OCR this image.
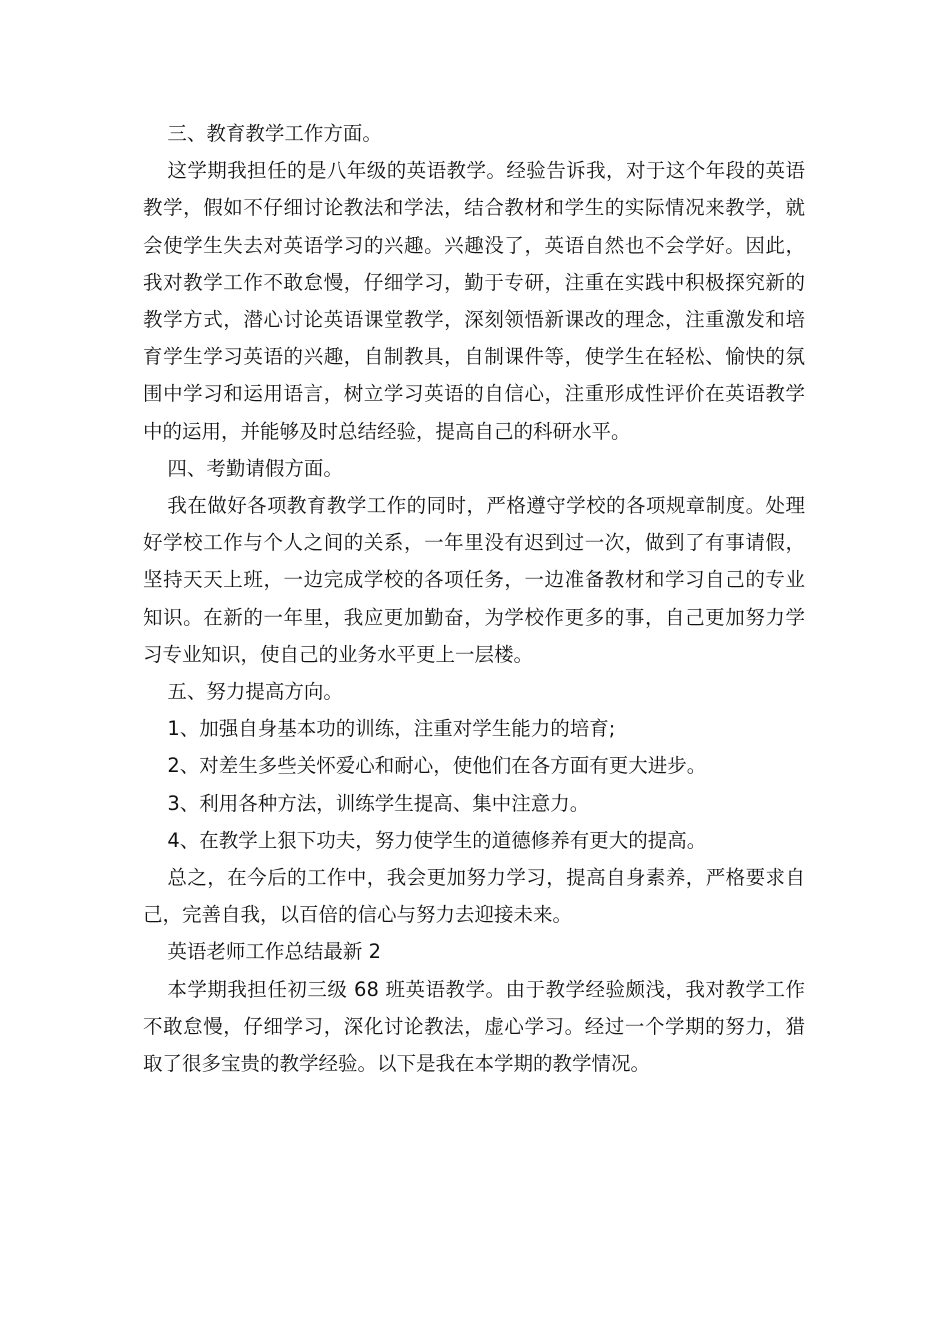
三、教育教学工作方面。

这学期我担任的是八年级的英语教学。经验告诉我，对于这个年段的英语教学，假如不仔细讨论教法和学法，结合教材和学生的实际情况来教学，就会使学生失去对英语学习的兴趣。兴趣没了，英语自然也不会学好。因此，我对教学工作不敢怠慢，仔细学习，勤于专研，注重在实践中积极探究新的教学方式，潜心讨论英语课堂教学，深刻领悟新课改的理念，注重激发和培育学生学习英语的兴趣，自制教具，自制课件等，使学生在轻松、愉快的氛围中学习和运用语言，树立学习英语的自信心，注重形成性评价在英语教学中的运用，并能够及时总结经验，提高自己的科研水平。

四、考勤请假方面。

我在做好各项教育教学工作的同时，严格遵守学校的各项规章制度。处理好学校工作与个人之间的关系，一年里没有迟到过一次，做到了有事请假，坚持天天上班，一边完成学校的各项任务，一边准备教材和学习自己的专业知识。在新的一年里，我应更加勤奋，为学校作更多的事，自己更加努力学习专业知识，使自己的业务水平更上一层楼。

五、努力提高方向。

1、加强自身基本功的训练，注重对学生能力的培育;

2、对差生多些关怀爱心和耐心，使他们在各方面有更大进步。

3、利用各种方法，训练学生提高、集中注意力。

4、在教学上狠下功夫，努力使学生的道德修养有更大的提高。

总之，在今后的工作中，我会更加努力学习，提高自身素养，严格要求自己，完善自我，以百倍的信心与努力去迎接未来。

英语老师工作总结最新 2

本学期我担任初三级 68 班英语教学。由于教学经验颇浅，我对教学工作不敢怠慢，仔细学习，深化讨论教法，虚心学习。经过一个学期的努力，猎取了很多宝贵的教学经验。以下是我在本学期的教学情况。
